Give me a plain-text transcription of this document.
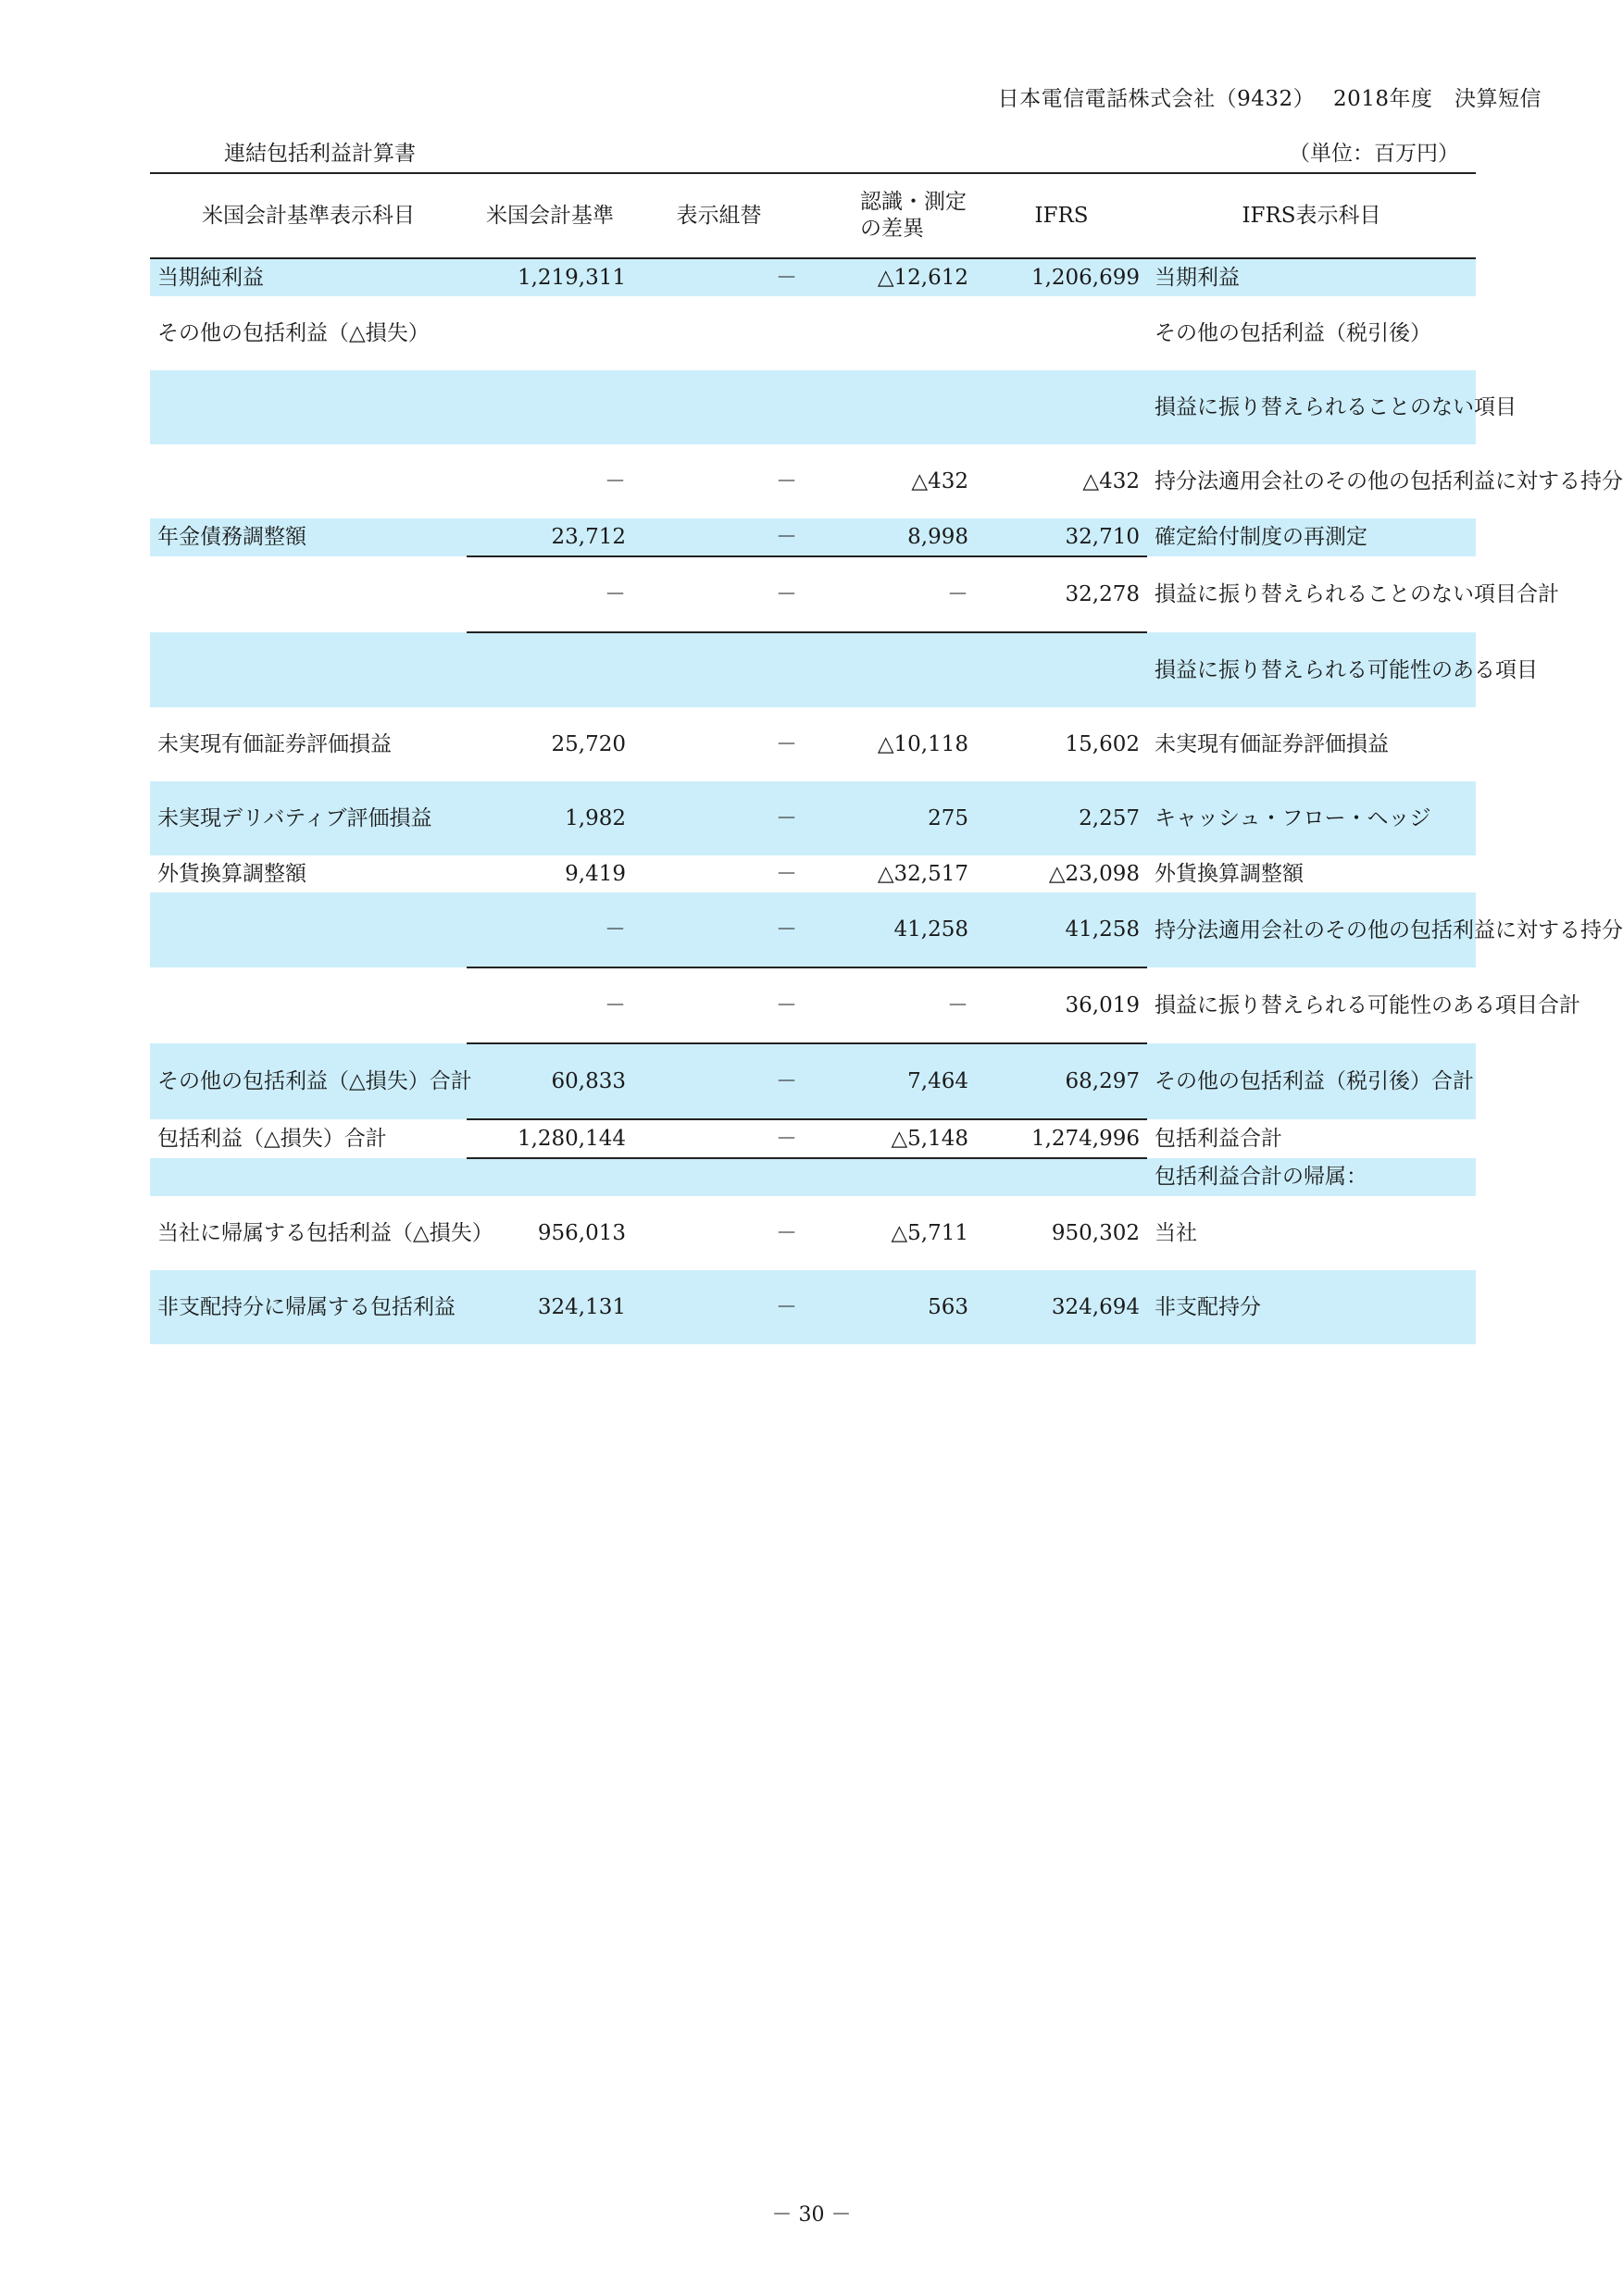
日本電信電話株式会社（9432）　 2018年度　決算短信
連結包括利益計算書	（単位：百万円）
米国会計基準表示科目	米国会計基準	表示組替	認識・測定の差異	IFRS	IFRS表示科目
当期純利益	1,219,311	－	△12,612	1,206,699	当期利益
その他の包括利益（△損失）					その他の包括利益（税引後）
					損益に振り替えられることのない項目
	－	－	△432	△432	持分法適用会社のその他の包括利益に対する持分
年金債務調整額	23,712	－	8,998	32,710	確定給付制度の再測定
	－	－	－	32,278	損益に振り替えられることのない項目合計
					損益に振り替えられる可能性のある項目
未実現有価証券評価損益	25,720	－	△10,118	15,602	未実現有価証券評価損益
未実現デリバティブ評価損益	1,982	－	275	2,257	キャッシュ・フロー・ヘッジ
外貨換算調整額	9,419	－	△32,517	△23,098	外貨換算調整額
	－	－	41,258	41,258	持分法適用会社のその他の包括利益に対する持分
	－	－	－	36,019	損益に振り替えられる可能性のある項目合計
その他の包括利益（△損失）合計	60,833	－	7,464	68,297	その他の包括利益（税引後）合計
包括利益（△損失）合計	1,280,144	－	△5,148	1,274,996	包括利益合計
					包括利益合計の帰属：
当社に帰属する包括利益（△損失）	956,013	－	△5,711	950,302	当社
非支配持分に帰属する包括利益	324,131	－	563	324,694	非支配持分
－ 30 －
